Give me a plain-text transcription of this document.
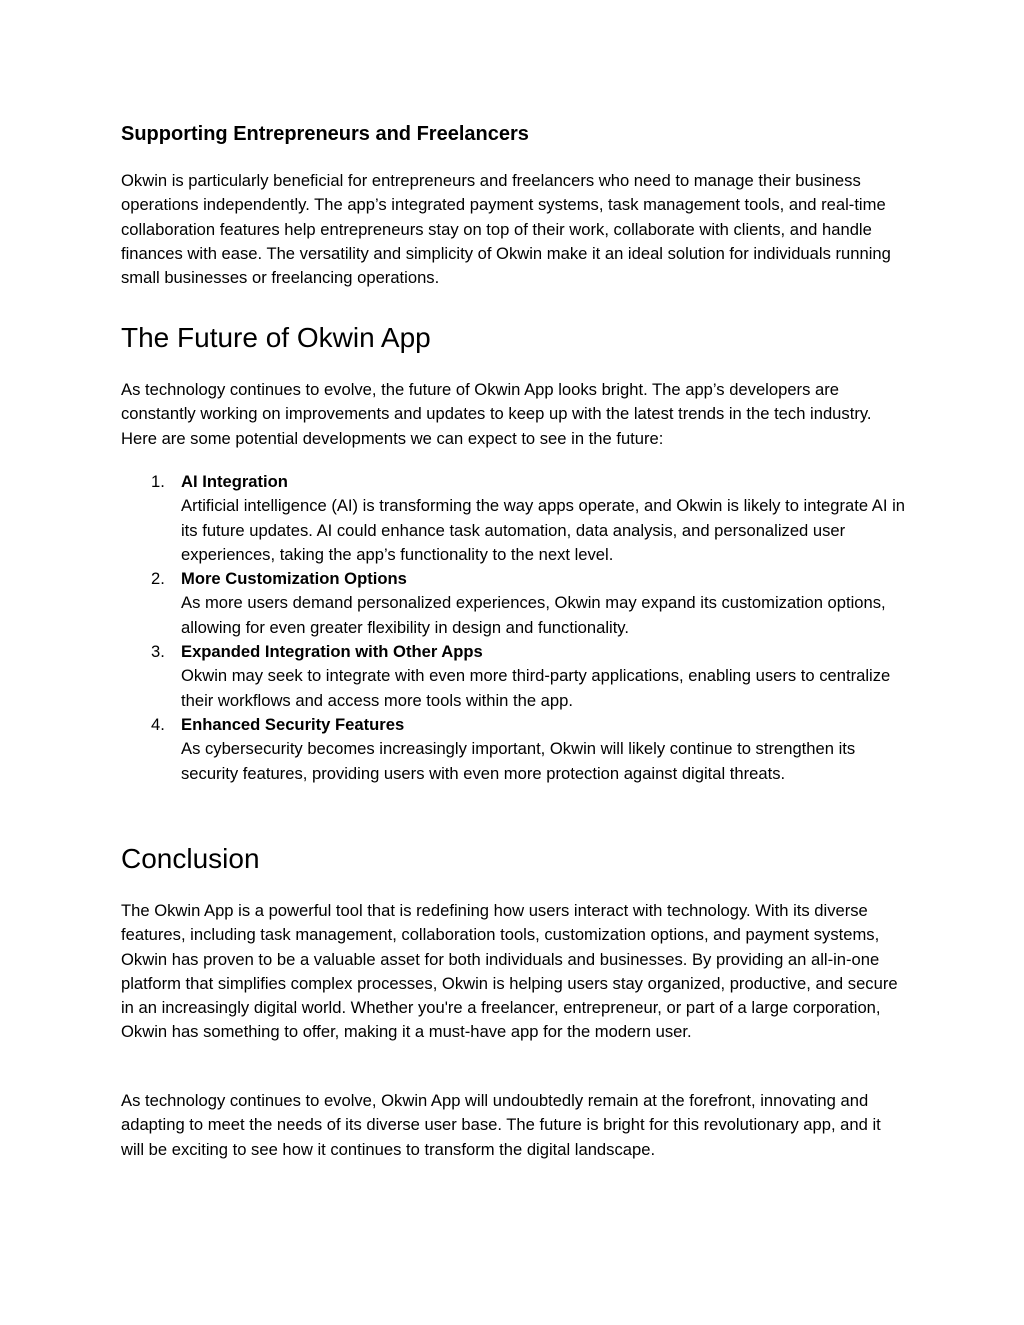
Supporting Entrepreneurs and Freelancers

Okwin is particularly beneficial for entrepreneurs and freelancers who need to manage their business operations independently. The app’s integrated payment systems, task management tools, and real-time collaboration features help entrepreneurs stay on top of their work, collaborate with clients, and handle finances with ease. The versatility and simplicity of Okwin make it an ideal solution for individuals running small businesses or freelancing operations.

The Future of Okwin App

As technology continues to evolve, the future of Okwin App looks bright. The app’s developers are constantly working on improvements and updates to keep up with the latest trends in the tech industry. Here are some potential developments we can expect to see in the future:

1. AI Integration
Artificial intelligence (AI) is transforming the way apps operate, and Okwin is likely to integrate AI in its future updates. AI could enhance task automation, data analysis, and personalized user experiences, taking the app’s functionality to the next level.
2. More Customization Options
As more users demand personalized experiences, Okwin may expand its customization options, allowing for even greater flexibility in design and functionality.
3. Expanded Integration with Other Apps
Okwin may seek to integrate with even more third-party applications, enabling users to centralize their workflows and access more tools within the app.
4. Enhanced Security Features
As cybersecurity becomes increasingly important, Okwin will likely continue to strengthen its security features, providing users with even more protection against digital threats.
Conclusion

The Okwin App is a powerful tool that is redefining how users interact with technology. With its diverse features, including task management, collaboration tools, customization options, and payment systems, Okwin has proven to be a valuable asset for both individuals and businesses. By providing an all-in-one platform that simplifies complex processes, Okwin is helping users stay organized, productive, and secure in an increasingly digital world. Whether you're a freelancer, entrepreneur, or part of a large corporation, Okwin has something to offer, making it a must-have app for the modern user.

As technology continues to evolve, Okwin App will undoubtedly remain at the forefront, innovating and adapting to meet the needs of its diverse user base. The future is bright for this revolutionary app, and it will be exciting to see how it continues to transform the digital landscape.
